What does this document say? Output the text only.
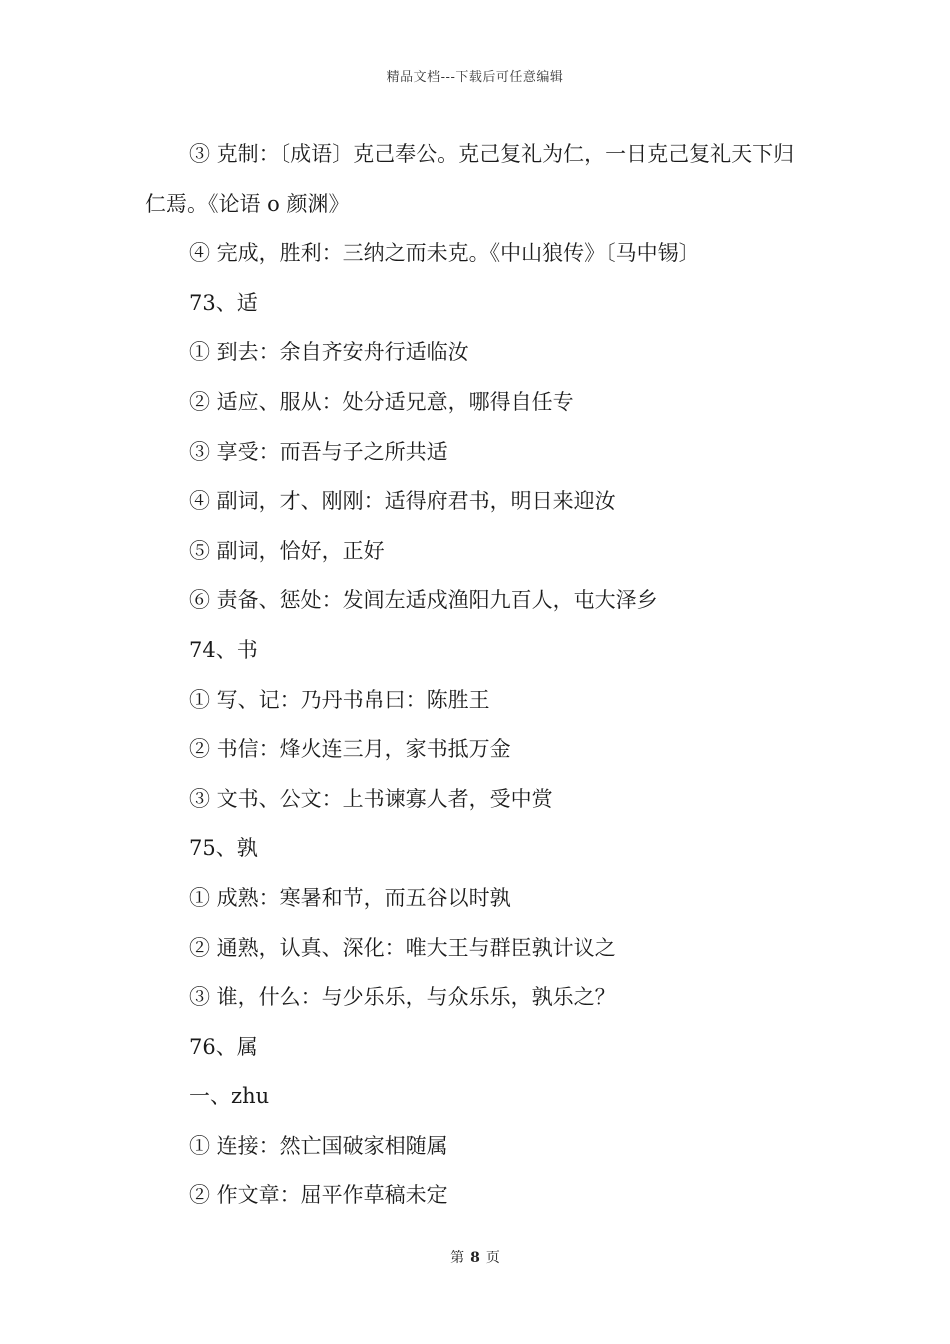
精品文档---下载后可任意编辑
③ 克制：〔成语〕克己奉公。克己复礼为仁，一日克己复礼天下归仁焉。《论语 o 颜渊》
④ 完成，胜利：三纳之而未克。《中山狼传》〔马中锡〕
73、适
① 到去：余自齐安舟行适临汝
② 适应、服从：处分适兄意，哪得自任专
③ 享受：而吾与子之所共适
④ 副词，才、刚刚：适得府君书，明日来迎汝
⑤ 副词，恰好，正好
⑥ 责备、惩处：发闾左适戍渔阳九百人，屯大泽乡
74、书
① 写、记：乃丹书帛曰：陈胜王
② 书信：烽火连三月，家书抵万金
③ 文书、公文：上书谏寡人者，受中赏
75、孰
① 成熟：寒暑和节，而五谷以时孰
② 通熟，认真、深化：唯大王与群臣孰计议之
③ 谁，什么：与少乐乐，与众乐乐，孰乐之？
76、属
一、zhu
① 连接：然亡国破家相随属
② 作文章：屈平作草稿未定
第 8 页
